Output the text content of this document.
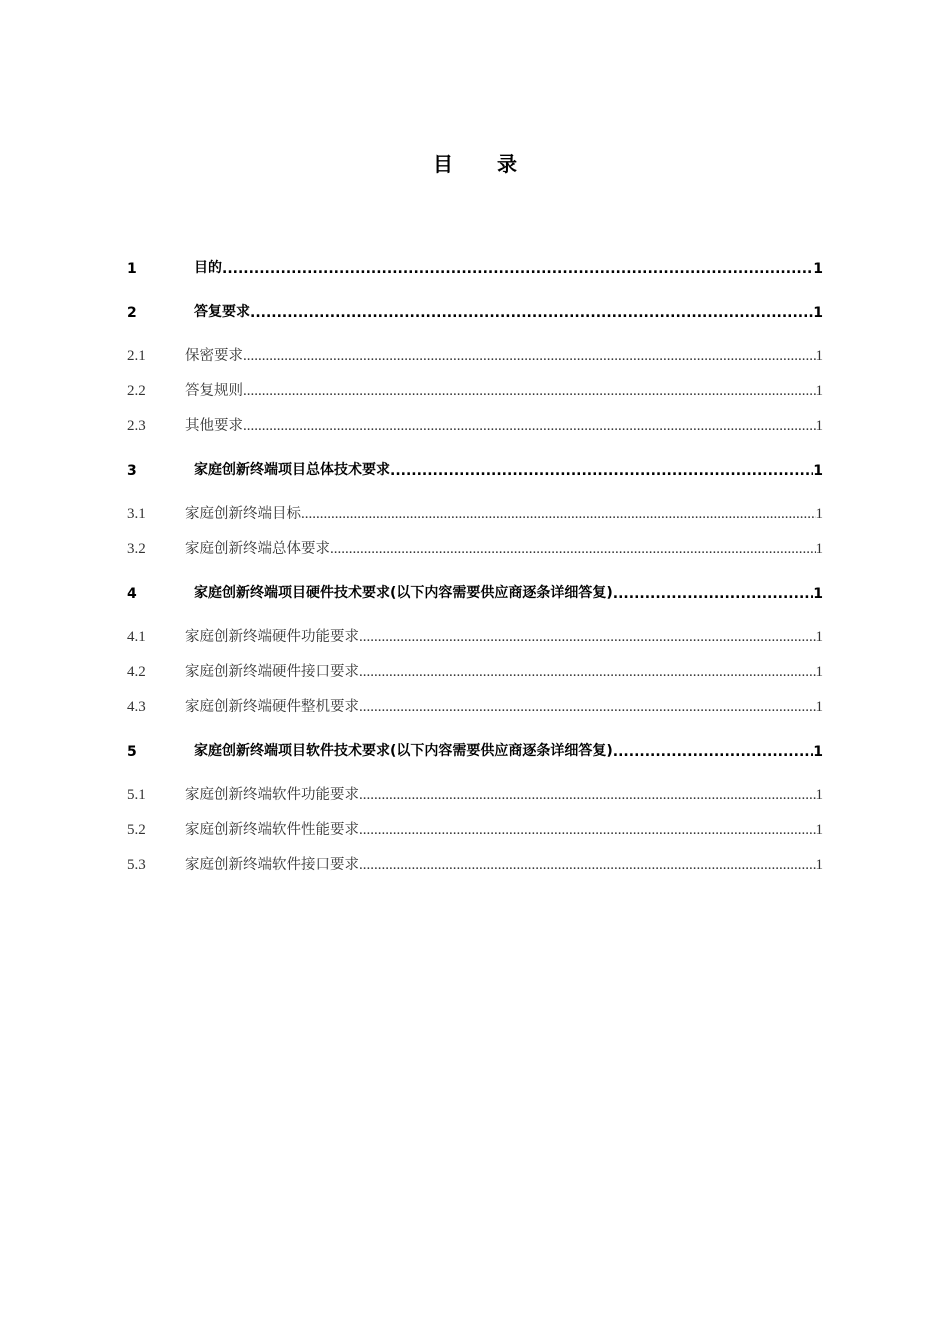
目 录
1	目的 .....	1
2	答复要求 .....	1
2.1	保密要求 .....	1
2.2	答复规则 .....	1
2.3	其他要求 .....	1
3	家庭创新终端项目总体技术要求 .....	1
3.1	家庭创新终端目标 .....	1
3.2	家庭创新终端总体要求 .....	1
4	家庭创新终端项目硬件技术要求(以下内容需要供应商逐条详细答复) .....	1
4.1	家庭创新终端硬件功能要求 .....	1
4.2	家庭创新终端硬件接口要求 .....	1
4.3	家庭创新终端硬件整机要求 .....	1
5	家庭创新终端项目软件技术要求(以下内容需要供应商逐条详细答复) .....	1
5.1	家庭创新终端软件功能要求 .....	1
5.2	家庭创新终端软件性能要求 .....	1
5.3	家庭创新终端软件接口要求 .....	1
